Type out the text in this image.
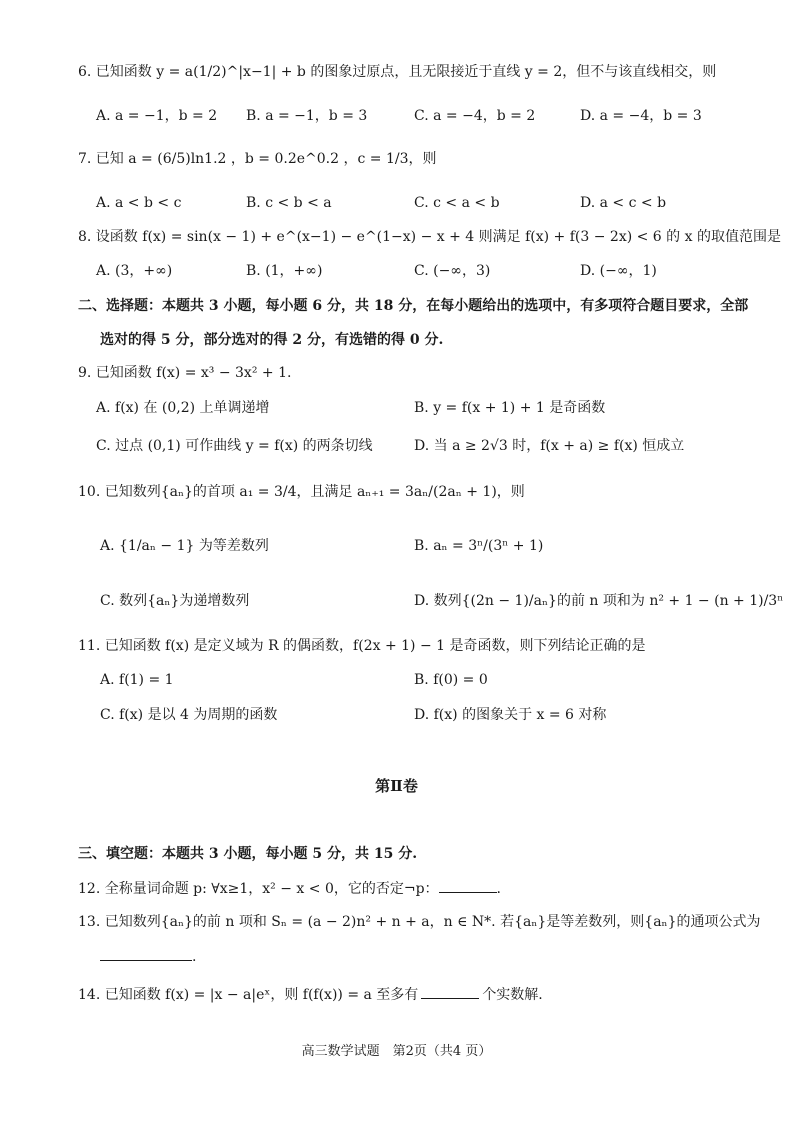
6. 已知函数 y = a(1/2)^|x−1| + b 的图象过原点，且无限接近于直线 y = 2，但不与该直线相交，则
A. a = −1，b = 2 B. a = −1，b = 3	C. a = −4，b = 2	D. a = −4，b = 3
7. 已知 a = (6/5)ln1.2 ，b = 0.2e^0.2 ，c = 1/3，则
A. a < b < c	B. c < b < a	C. c < a < b	D. a < c < b
8. 设函数 f(x) = sin(x − 1) + e^(x−1) − e^(1−x) − x + 4 则满足 f(x) + f(3 − 2x) < 6 的 x 的取值范围是
A. (3，+∞)	B. (1，+∞)	C. (−∞，3)	D. (−∞，1)
二、选择题：本题共 3 小题，每小题 6 分，共 18 分，在每小题给出的选项中，有多项符合题目要求，全部
选对的得 5 分，部分选对的得 2 分，有选错的得 0 分.
9. 已知函数 f(x) = x³ − 3x² + 1.
A. f(x) 在 (0,2) 上单调递增	B. y = f(x + 1) + 1 是奇函数
C. 过点 (0,1) 可作曲线 y = f(x) 的两条切线	D. 当 a ≥ 2√3 时，f(x + a) ≥ f(x) 恒成立
10. 已知数列{aₙ}的首项 a₁ = 3/4，且满足 aₙ₊₁ = 3aₙ/(2aₙ + 1)，则
A. {1/aₙ − 1} 为等差数列	B. aₙ = 3ⁿ/(3ⁿ + 1)
C. 数列{aₙ}为递增数列	D. 数列{(2n − 1)/aₙ}的前 n 项和为 n² + 1 − (n + 1)/3ⁿ
11. 已知函数 f(x) 是定义域为 R 的偶函数，f(2x + 1) − 1 是奇函数，则下列结论正确的是
A. f(1) = 1	B. f(0) = 0
C. f(x) 是以 4 为周期的函数	D. f(x) 的图象关于 x = 6 对称
第Ⅱ卷
三、填空题：本题共 3 小题，每小题 5 分，共 15 分.
12. 全称量词命题 p: ∀x≥1，x² − x < 0，它的否定¬p：	.
13. 已知数列{aₙ}的前 n 项和 Sₙ = (a − 2)n² + n + a，n ∈ N*. 若{aₙ}是等差数列，则{aₙ}的通项公式为
.
14. 已知函数 f(x) = |x − a|eˣ，则 f(f(x)) = a 至多有	个实数解.
高三数学试题　第2页（共4 页）
